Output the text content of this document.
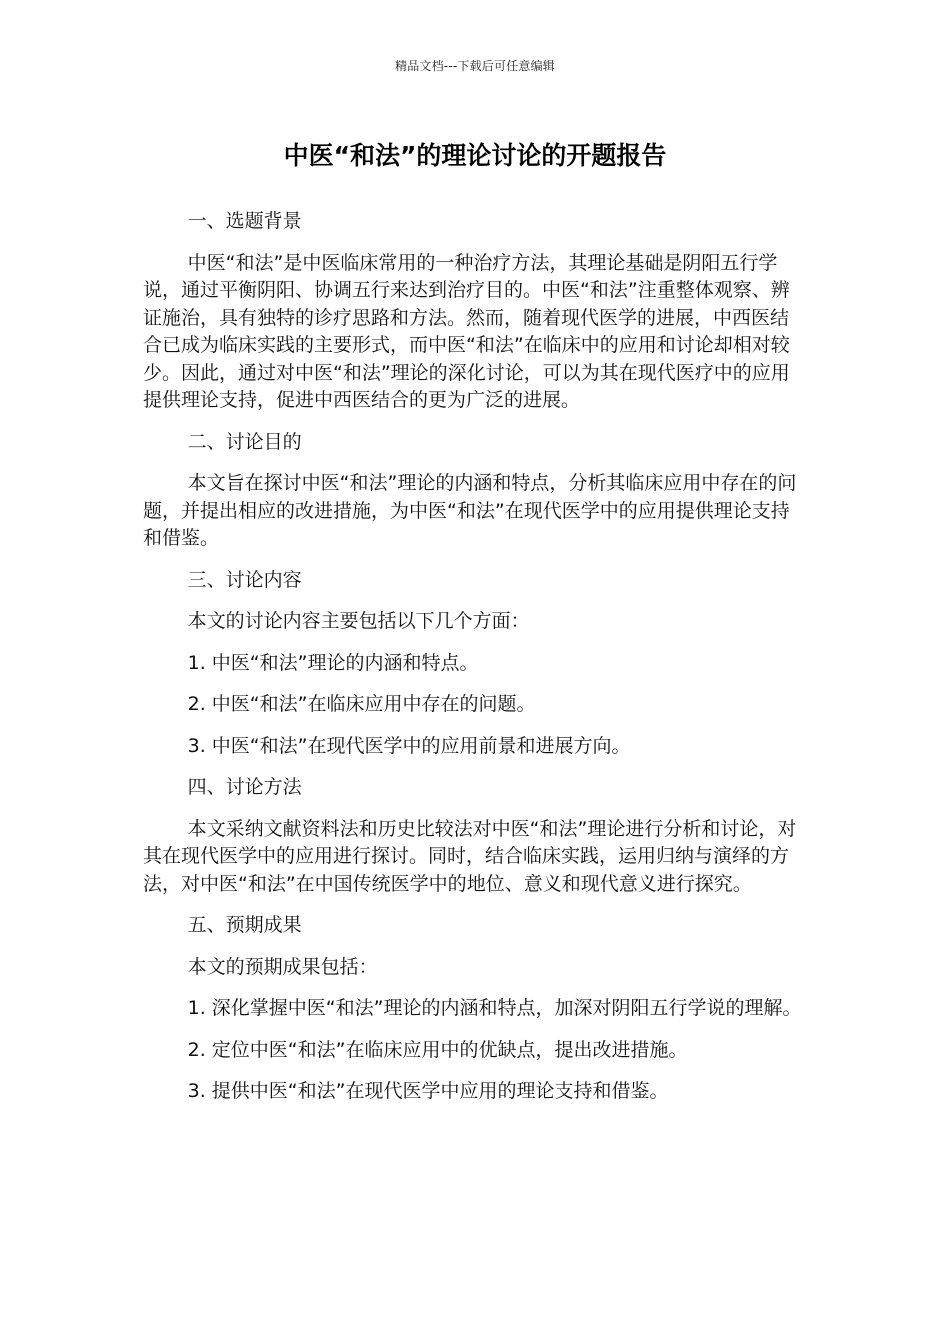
精品文档---下载后可任意编辑
中医“和法”的理论讨论的开题报告

一、选题背景

中医“和法”是中医临床常用的一种治疗方法，其理论基础是阴阳五行学说，通过平衡阴阳、协调五行来达到治疗目的。中医“和法”注重整体观察、辨证施治，具有独特的诊疗思路和方法。然而，随着现代医学的进展，中西医结合已成为临床实践的主要形式，而中医“和法”在临床中的应用和讨论却相对较少。因此，通过对中医“和法”理论的深化讨论，可以为其在现代医疗中的应用提供理论支持，促进中西医结合的更为广泛的进展。

二、讨论目的

本文旨在探讨中医“和法”理论的内涵和特点，分析其临床应用中存在的问题，并提出相应的改进措施，为中医“和法”在现代医学中的应用提供理论支持和借鉴。

三、讨论内容

本文的讨论内容主要包括以下几个方面：

1. 中医“和法”理论的内涵和特点。

2. 中医“和法”在临床应用中存在的问题。

3. 中医“和法”在现代医学中的应用前景和进展方向。

四、讨论方法

本文采纳文献资料法和历史比较法对中医“和法”理论进行分析和讨论，对其在现代医学中的应用进行探讨。同时，结合临床实践，运用归纳与演绎的方法，对中医“和法”在中国传统医学中的地位、意义和现代意义进行探究。

五、预期成果

本文的预期成果包括：

1. 深化掌握中医“和法”理论的内涵和特点，加深对阴阳五行学说的理解。

2. 定位中医“和法”在临床应用中的优缺点，提出改进措施。

3. 提供中医“和法”在现代医学中应用的理论支持和借鉴。
